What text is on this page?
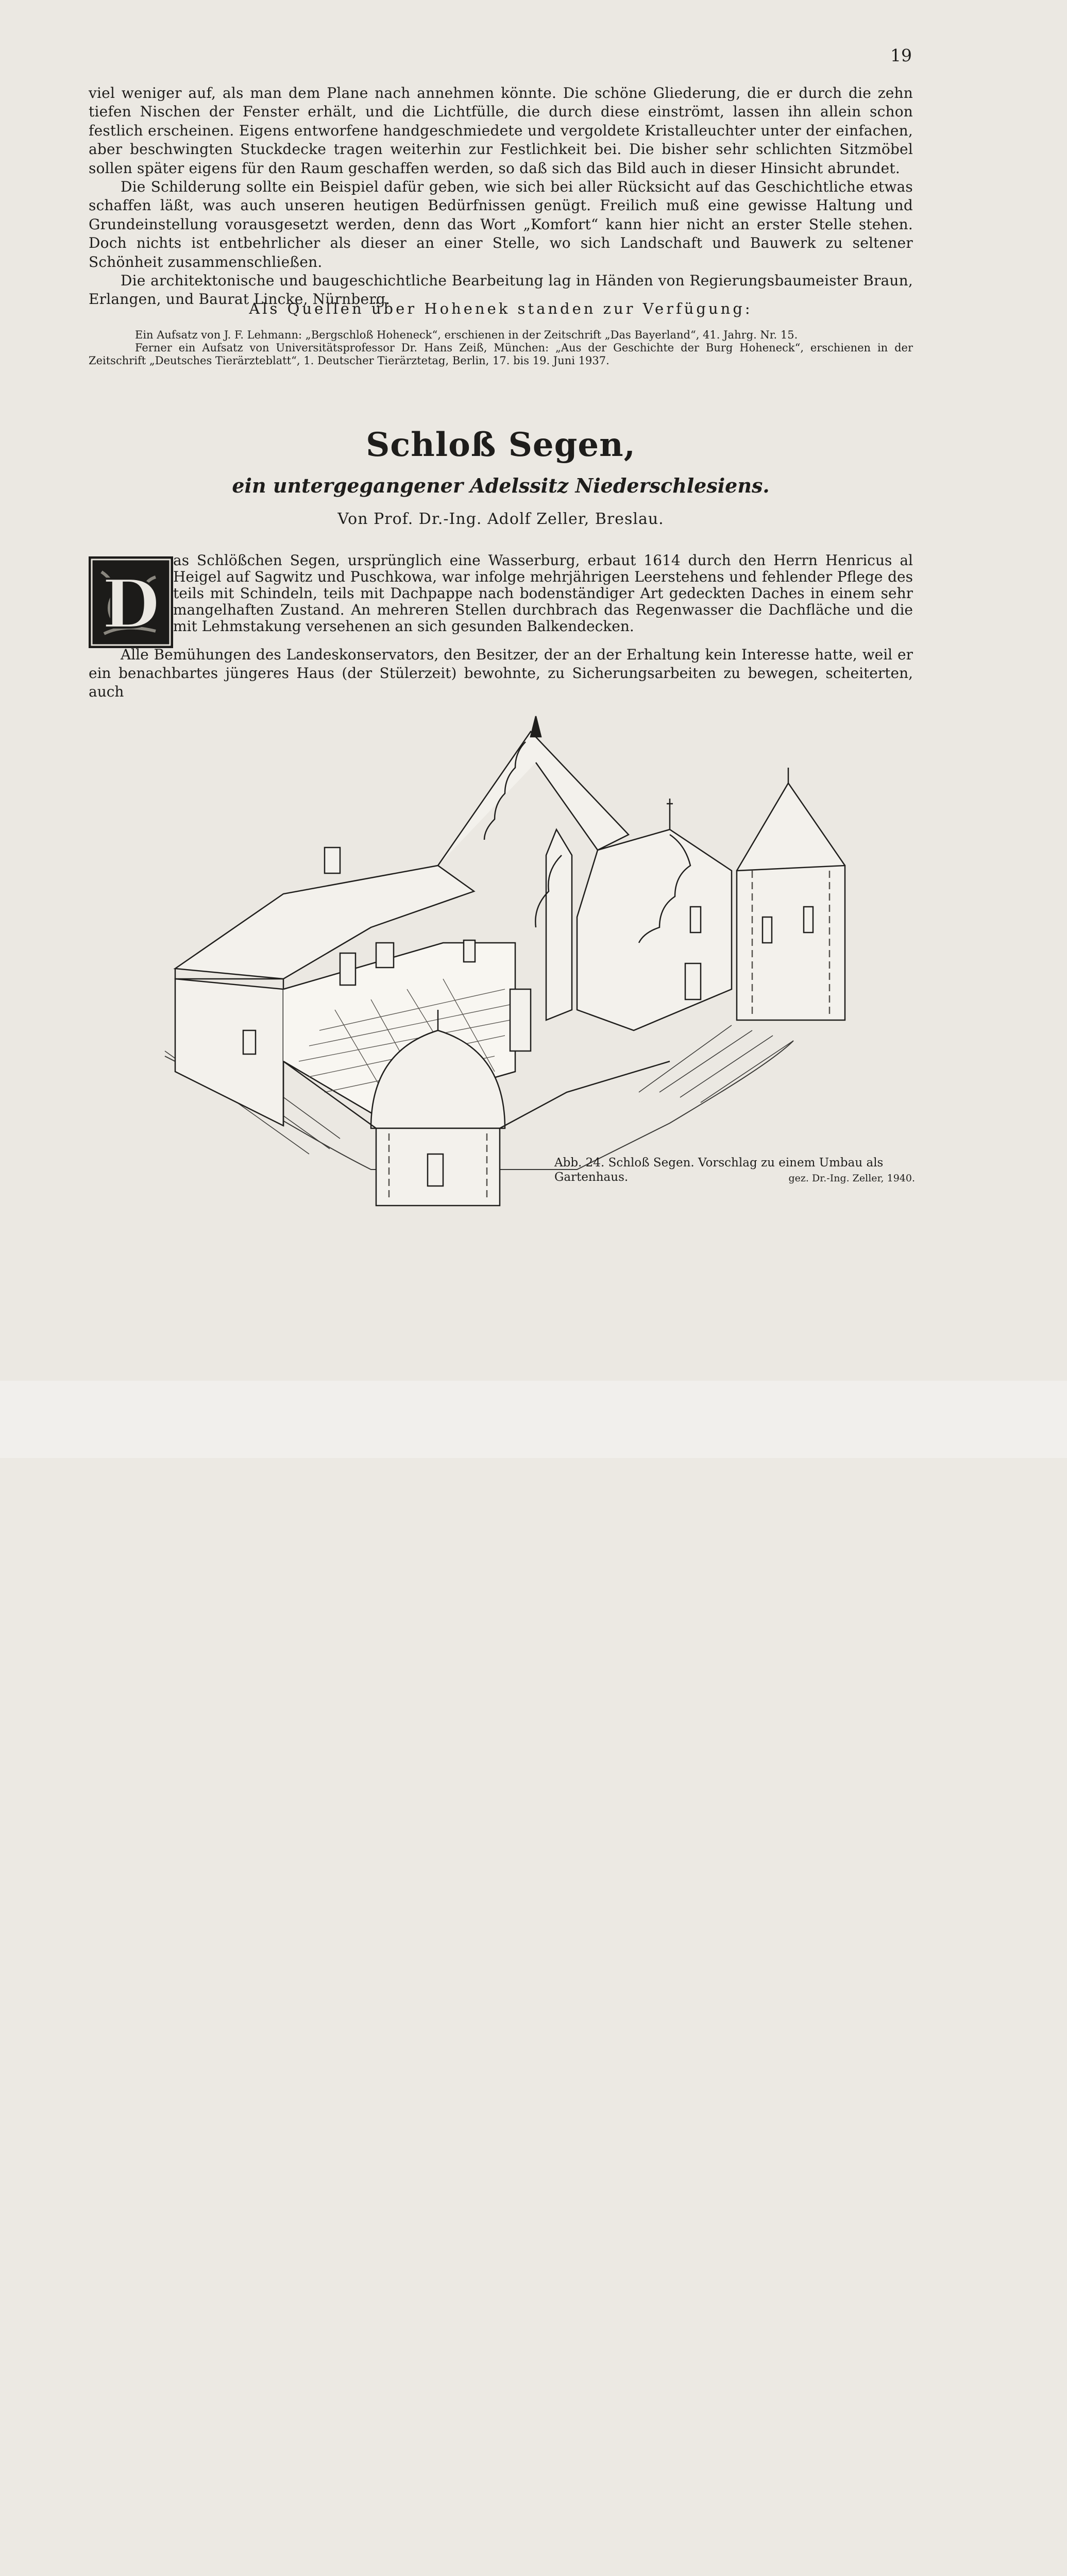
19

viel weniger auf, als man dem Plane nach annehmen könnte. Die schöne Gliederung, die er durch die zehn tiefen Nischen der Fenster erhält, und die Lichtfülle, die durch diese einströmt, lassen ihn allein schon festlich erscheinen. Eigens entworfene handgeschmiedete und vergoldete Kristalleuchter unter der einfachen, aber beschwingten Stuckdecke tragen weiterhin zur Festlichkeit bei. Die bisher sehr schlichten Sitzmöbel sollen später eigens für den Raum geschaffen werden, so daß sich das Bild auch in dieser Hinsicht abrundet.

Die Schilderung sollte ein Beispiel dafür geben, wie sich bei aller Rücksicht auf das Geschichtliche etwas schaffen läßt, was auch unseren heutigen Bedürfnissen genügt. Freilich muß eine gewisse Haltung und Grundeinstellung vorausgesetzt werden, denn das Wort „Komfort“ kann hier nicht an erster Stelle stehen. Doch nichts ist entbehrlicher als dieser an einer Stelle, wo sich Landschaft und Bauwerk zu seltener Schönheit zusammenschließen.

Die architektonische und baugeschichtliche Bearbeitung lag in Händen von Regierungsbaumeister Braun, Erlangen, und Baurat Lincke, Nürnberg.

Als Quellen über Hohenek standen zur Verfügung:

Ein Aufsatz von J. F. Lehmann: „Bergschloß Hoheneck“, erschienen in der Zeitschrift „Das Bayerland“, 41. Jahrg. Nr. 15.
Ferner ein Aufsatz von Universitätsprofessor Dr. Hans Zeiß, München: „Aus der Geschichte der Burg Hoheneck“, erschienen in der Zeitschrift „Deutsches Tierärzteblatt“, 1. Deutscher Tierärztetag, Berlin, 17. bis 19. Juni 1937.
Schloß Segen,
ein untergegangener Adelssitz Niederschlesiens.

Von Prof. Dr.-Ing. Adolf Zeller, Breslau.

D

as Schlößchen Segen, ursprünglich eine Wasserburg, erbaut 1614 durch den Herrn Henricus al Heigel auf Sagwitz und Puschkowa, war infolge mehrjährigen Leerstehens und fehlender Pflege des teils mit Schindeln, teils mit Dachpappe nach bodenständiger Art gedeckten Daches in einem sehr mangelhaften Zustand. An mehreren Stellen durchbrach das Regenwasser die Dachfläche und die mit Lehmstakung versehenen an sich gesunden Balkendecken.

Alle Bemühungen des Landeskonservators, den Besitzer, der an der Erhaltung kein Interesse hatte, weil er ein benachbartes jüngeres Haus (der Stülerzeit) bewohnte, zu Sicherungsarbeiten zu bewegen, scheiterten, auch

Abb. 24. Schloß Segen. Vorschlag zu einem Umbau als Gartenhaus.	gez. Dr.-Ing. Zeller, 1940.
